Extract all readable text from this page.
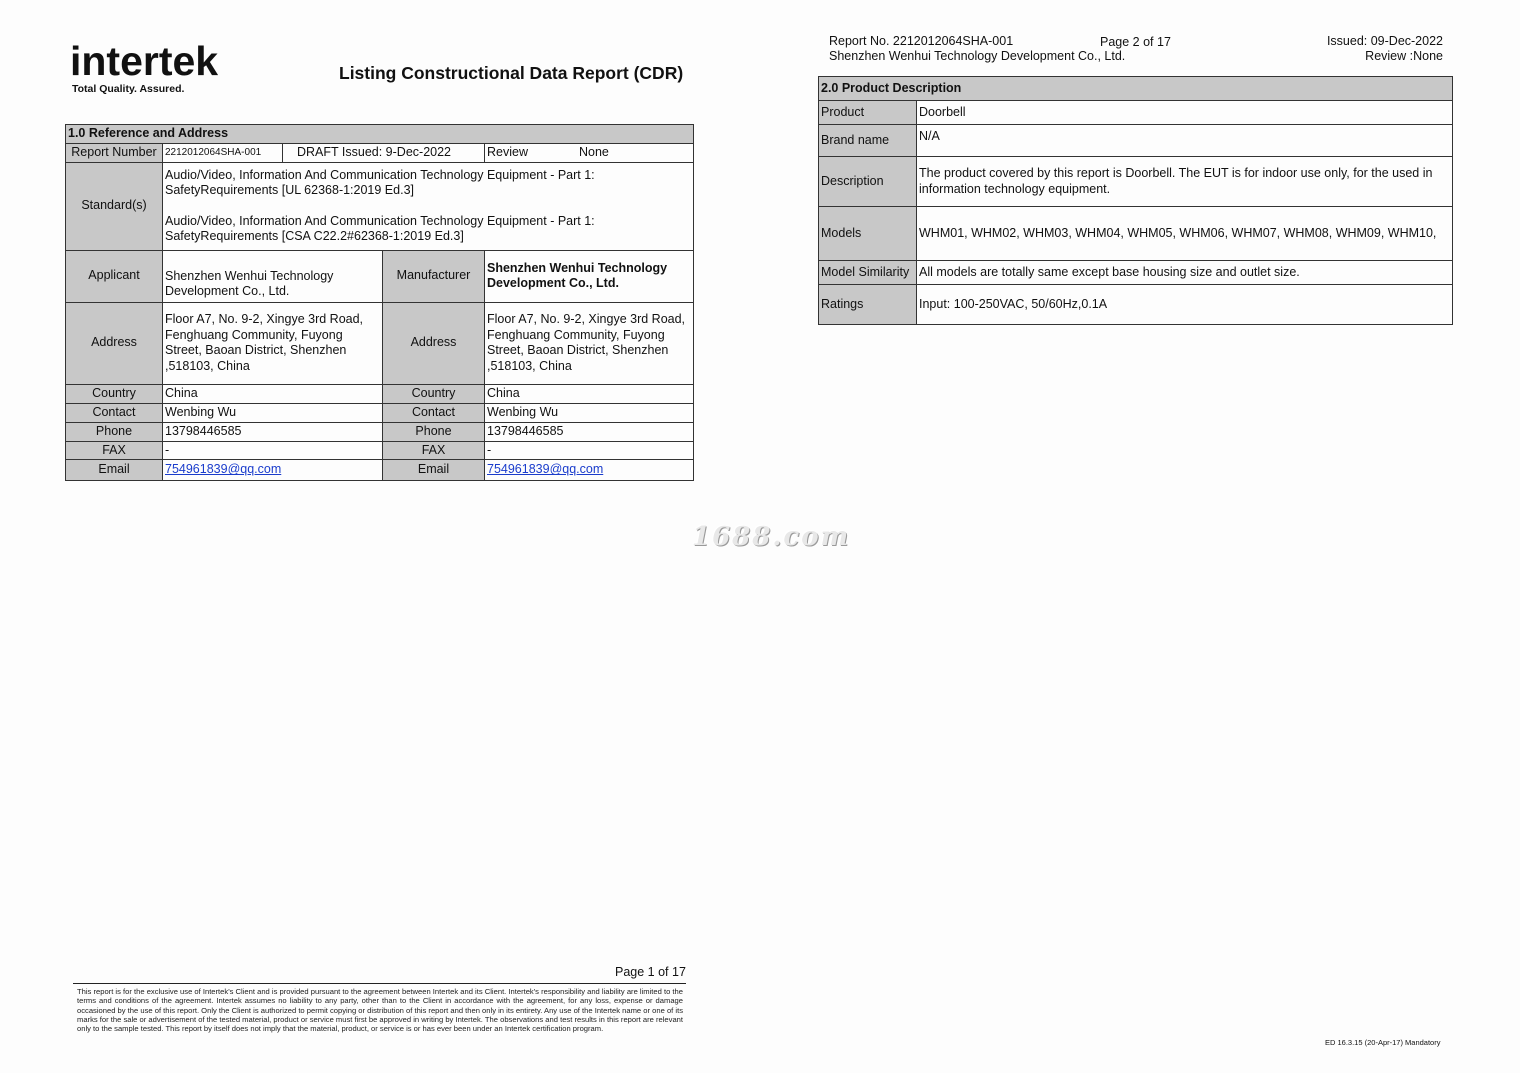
intertek
Total Quality. Assured.
Listing Constructional Data Report (CDR)
1.0 Reference and Address				
Report Number	2212012064SHA-001	DRAFT Issued: 9-Dec-2022		Review None
Standard(s)	Audio/Video, Information And Communication Technology Equipment - Part 1: SafetyRequirements [UL 62368-1:2019 Ed.3]
Audio/Video, Information And Communication Technology Equipment - Part 1: SafetyRequirements [CSA C22.2#62368-1:2019 Ed.3]			

Applicant	Shenzhen Wenhui Technology Development Co., Ltd.		Manufacturer	Shenzhen Wenhui Technology Development Co., Ltd.
Address	Floor A7, No. 9-2, Xingye 3rd Road, Fenghuang Community, Fuyong Street, Baoan District, Shenzhen ,518103, China		Address	Floor A7, No. 9-2, Xingye 3rd Road, Fenghuang Community, Fuyong Street, Baoan District, Shenzhen ,518103, China
Country	China		Country	China
Contact	Wenbing Wu		Contact	Wenbing Wu
Phone	13798446585		Phone	13798446585
FAX	-		FAX	-
Email	754961839@qq.com		Email	754961839@qq.com
Page 1 of 17
This report is for the exclusive use of Intertek's Client and is provided pursuant to the agreement between Intertek and its Client. Intertek's responsibility and liability are limited to the terms and conditions of the agreement. Intertek assumes no liability to any party, other than to the Client in accordance with the agreement, for any loss, expense or damage occasioned by the use of this report. Only the Client is authorized to permit copying or distribution of this report and then only in its entirety. Any use of the Intertek name or one of its marks for the sale or advertisement of the tested material, product or service must first be approved in writing by Intertek. The observations and test results in this report are relevant only to the sample tested. This report by itself does not imply that the material, product, or service is or has ever been under an Intertek certification program.
Report No. 2212012064SHA-001	Page 2 of 17	Issued: 09-Dec-2022
Shenzhen Wenhui Technology Development Co., Ltd.	Review :None
2.0 Product Description	
Product	Doorbell
Brand name	N/A
Description	The product covered by this report is Doorbell. The EUT is for indoor use only, for the used in information technology equipment.
Models	WHM01, WHM02, WHM03, WHM04, WHM05, WHM06, WHM07, WHM08, WHM09, WHM10,
Model Similarity	All models are totally same except base housing size and outlet size.
Ratings	Input: 100-250VAC, 50/60Hz,0.1A
ED 16.3.15 (20-Apr-17) Mandatory
1688.com
